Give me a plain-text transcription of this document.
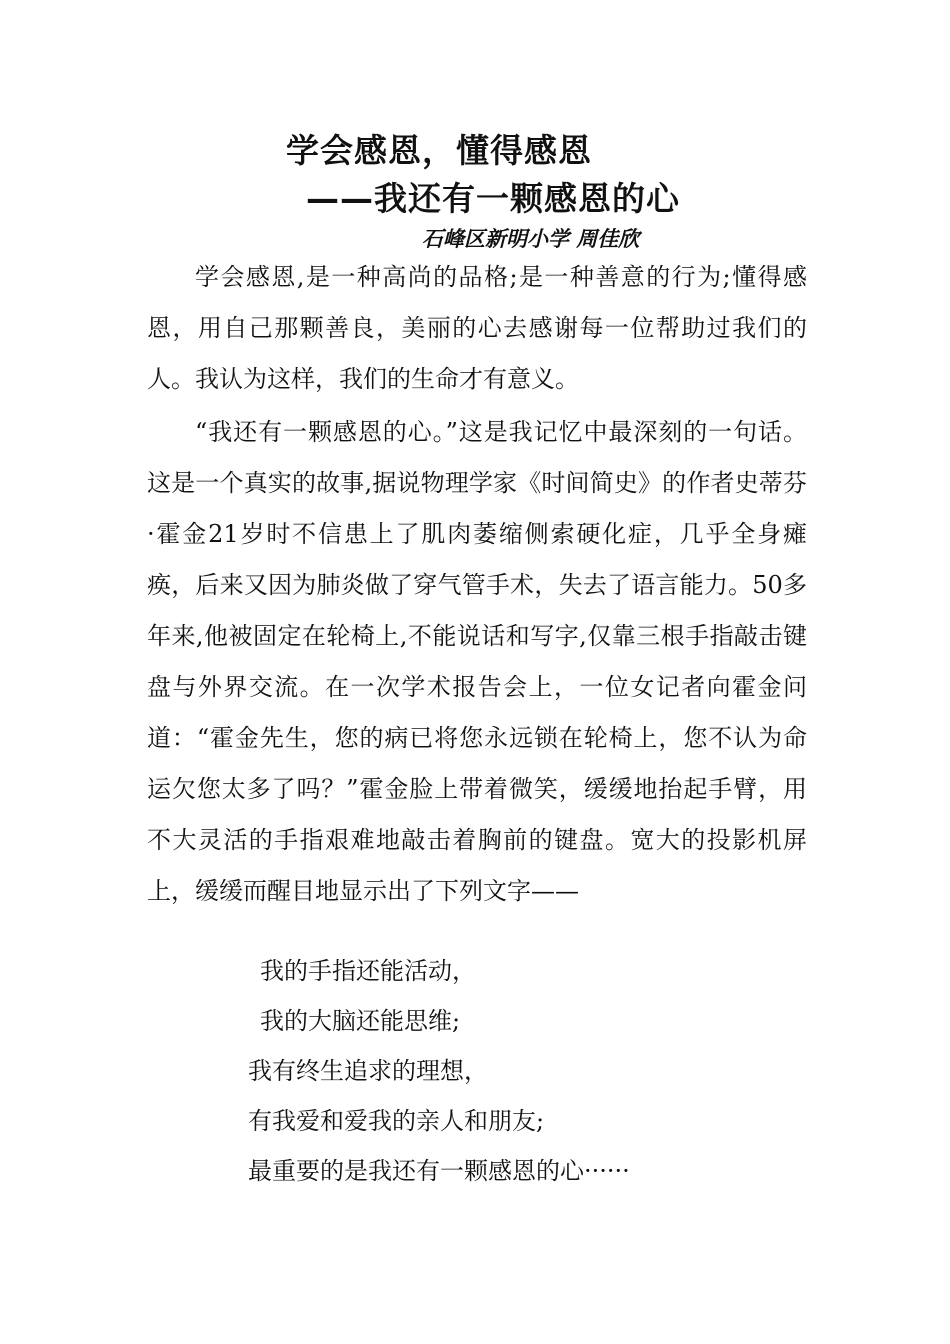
学会感恩，懂得感恩
——我还有一颗感恩的心
石峰区新明小学 周佳欣

学会感恩,是一种高尚的品格;是一种善意的行为;懂得感恩，用自己那颗善良，美丽的心去感谢每一位帮助过我们的人。我认为这样，我们的生命才有意义。

“我还有一颗感恩的心。”这是我记忆中最深刻的一句话。这是一个真实的故事,据说物理学家《时间简史》的作者史蒂芬·霍金21岁时不信患上了肌肉萎缩侧索硬化症，几乎全身瘫痪，后来又因为肺炎做了穿气管手术，失去了语言能力。50多年来,他被固定在轮椅上,不能说话和写字,仅靠三根手指敲击键盘与外界交流。在一次学术报告会上，一位女记者向霍金问道：“霍金先生，您的病已将您永远锁在轮椅上，您不认为命运欠您太多了吗？”霍金脸上带着微笑，缓缓地抬起手臂，用不大灵活的手指艰难地敲击着胸前的键盘。宽大的投影机屏上，缓缓而醒目地显示出了下列文字——

我的手指还能活动，
我的大脑还能思维;
我有终生追求的理想，
有我爱和爱我的亲人和朋友;
最重要的是我还有一颗感恩的心······
